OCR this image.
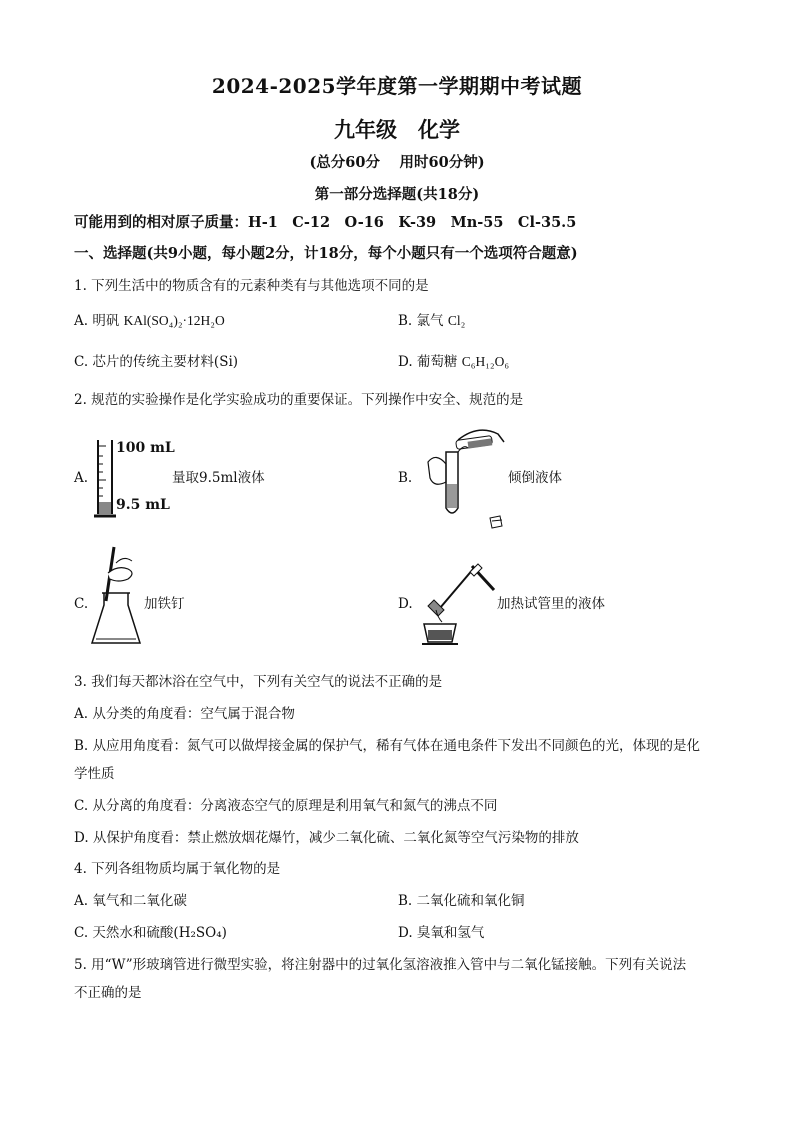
2024-2025学年度第一学期期中考试题
九年级　化学
(总分60分　 用时60分钟)
第一部分选择题(共18分)
可能用到的相对原子质量：H-1　C-12　O-16　K-39　Mn-55　Cl-35.5
一、选择题(共9小题，每小题2分，计18分，每个小题只有一个选项符合题意)
1. 下列生活中的物质含有的元素种类有与其他选项不同的是
A. 明矾 KAl(SO₄)₂·12H₂O	B. 氯气 Cl₂
C. 芯片的传统主要材料(Si)	D. 葡萄糖 C₆H₁₂O₆
2. 规范的实验操作是化学实验成功的重要保证。下列操作中安全、规范的是
A.
100 mL
9.5 mL
量取9.5ml液体	B.	倾倒液体
C.	加铁钉	D.	加热试管里的液体
3. 我们每天都沐浴在空气中，下列有关空气的说法不正确的是
A. 从分类的角度看：空气属于混合物
B. 从应用角度看：氮气可以做焊接金属的保护气，稀有气体在通电条件下发出不同颜色的光，体现的是化
学性质
C. 从分离的角度看：分离液态空气的原理是利用氧气和氮气的沸点不同
D. 从保护角度看：禁止燃放烟花爆竹，减少二氧化硫、二氧化氮等空气污染物的排放
4. 下列各组物质均属于氧化物的是
A. 氧气和二氧化碳	B. 二氧化硫和氧化铜
C. 天然水和硫酸(H₂SO₄)	D. 臭氧和氢气
5. 用“W”形玻璃管进行微型实验，将注射器中的过氧化氢溶液推入管中与二氧化锰接触。下列有关说法
不正确的是
